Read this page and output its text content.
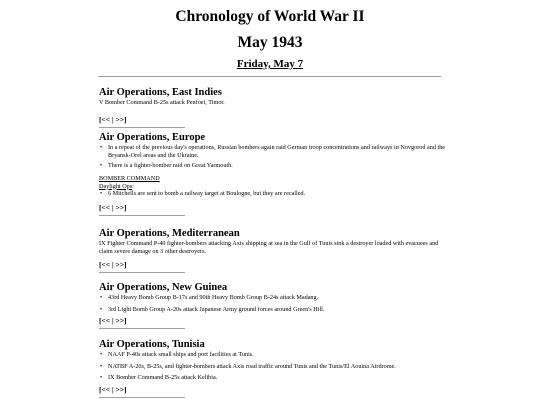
Chronology of World War II
May 1943
Friday, May 7
Air Operations, East Indies

V Bomber Command B-25s attack Penfoei, Timor.

[<< | >>]
Air Operations, Europe
• In a repeat of the previous day's operations, Russian bombers again raid German troop concentrations and railways in Novgorod and the Bryansk-Orel areas and the Ukraine.
• There is a fighter-bomber raid on Great Yarmouth.
BOMBER COMMAND
Daylight Ops:
• 6 Mitchells are sent to bomb a railway target at Boulogne, but they are recalled.
[<< | >>]
Air Operations, Mediterranean

IX Fighter Command P-40 fighter-bombers attacking Axis shipping at sea in the Gulf of Tunis sink a destroyer loaded with evacuees and claim severe damage on 3 other destroyers.

[<< | >>]
Air Operations, New Guinea
• 43rd Heavy Bomb Group B-17s and 90th Heavy Bomb Group B-24s attack Madang.
• 3rd Light Bomb Group A-20s attack Japanese Army ground forces around Green's Hill.
[<< | >>]
Air Operations, Tunisia
• NAAF P-40s attack small ships and port facilities at Tunis.
• NATBF A-20s, B-25s, and fighter-bombers attack Axis road traffic around Tunis and the Tunis/El Aouina Airdrome.
• IX Bomber Command B-25s attack Kelibia.
[<< | >>]
